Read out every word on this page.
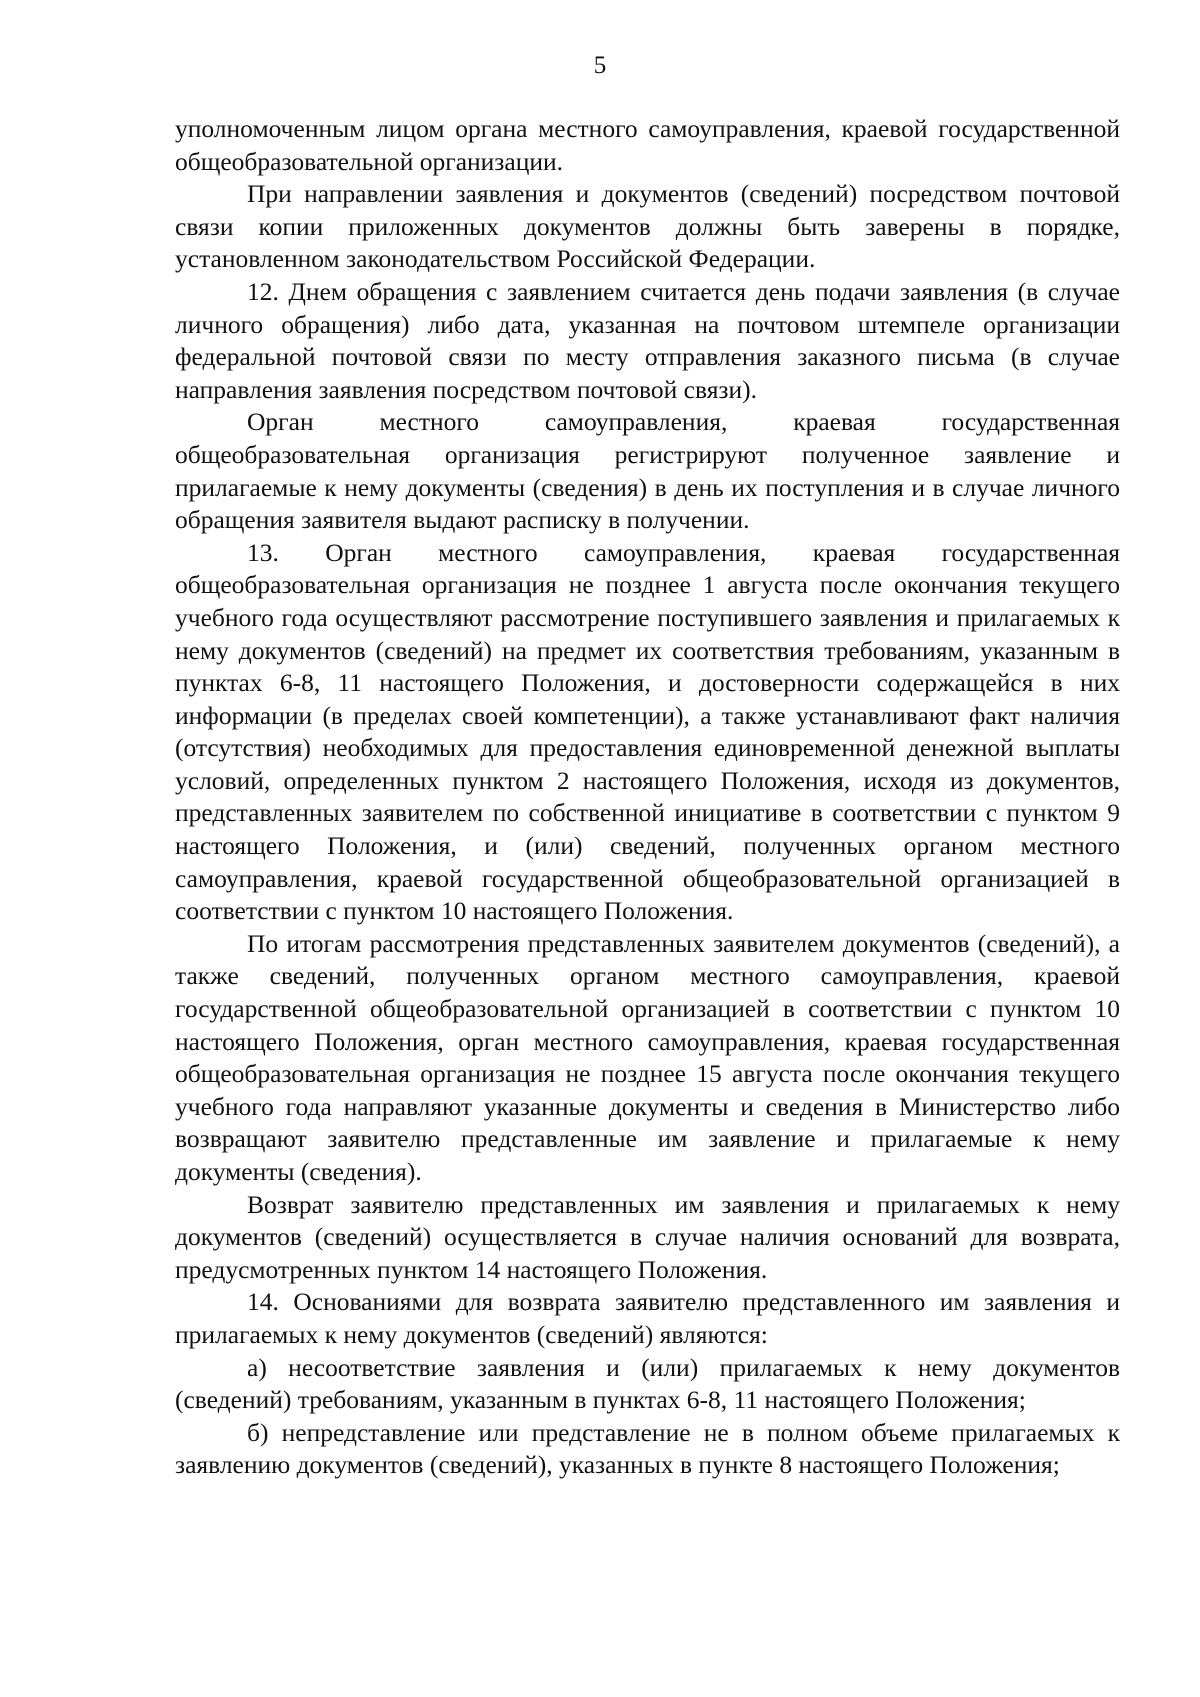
5

уполномоченным лицом органа местного самоуправления, краевой государственной общеобразовательной организации.

При направлении заявления и документов (сведений) посредством почтовой связи копии приложенных документов должны быть заверены в порядке, установленном законодательством Российской Федерации.

12. Днем обращения с заявлением считается день подачи заявления (в случае личного обращения) либо дата, указанная на почтовом штемпеле организации федеральной почтовой связи по месту отправления заказного письма (в случае направления заявления посредством почтовой связи).

Орган местного самоуправления, краевая государственная общеобразовательная организация регистрируют полученное заявление и прилагаемые к нему документы (сведения) в день их поступления и в случае личного обращения заявителя выдают расписку в получении.

13. Орган местного самоуправления, краевая государственная общеобразовательная организация не позднее 1 августа после окончания текущего учебного года осуществляют рассмотрение поступившего заявления и прилагаемых к нему документов (сведений) на предмет их соответствия требованиям, указанным в пунктах 6-8, 11 настоящего Положения, и достоверности содержащейся в них информации (в пределах своей компетенции), а также устанавливают факт наличия (отсутствия) необходимых для предоставления единовременной денежной выплаты условий, определенных пунктом 2 настоящего Положения, исходя из документов, представленных заявителем по собственной инициативе в соответствии с пунктом 9 настоящего Положения, и (или) сведений, полученных органом местного самоуправления, краевой государственной общеобразовательной организацией в соответствии с пунктом 10 настоящего Положения.

По итогам рассмотрения представленных заявителем документов (сведений), а также сведений, полученных органом местного самоуправления, краевой государственной общеобразовательной организацией в соответствии с пунктом 10 настоящего Положения, орган местного самоуправления, краевая государственная общеобразовательная организация не позднее 15 августа после окончания текущего учебного года направляют указанные документы и сведения в Министерство либо возвращают заявителю представленные им заявление и прилагаемые к нему документы (сведения).

Возврат заявителю представленных им заявления и прилагаемых к нему документов (сведений) осуществляется в случае наличия оснований для возврата, предусмотренных пунктом 14 настоящего Положения.

14. Основаниями для возврата заявителю представленного им заявления и прилагаемых к нему документов (сведений) являются:

а) несоответствие заявления и (или) прилагаемых к нему документов (сведений) требованиям, указанным в пунктах 6-8, 11 настоящего Положения;

б) непредставление или представление не в полном объеме прилагаемых к заявлению документов (сведений), указанных в пункте 8 настоящего Положения;
